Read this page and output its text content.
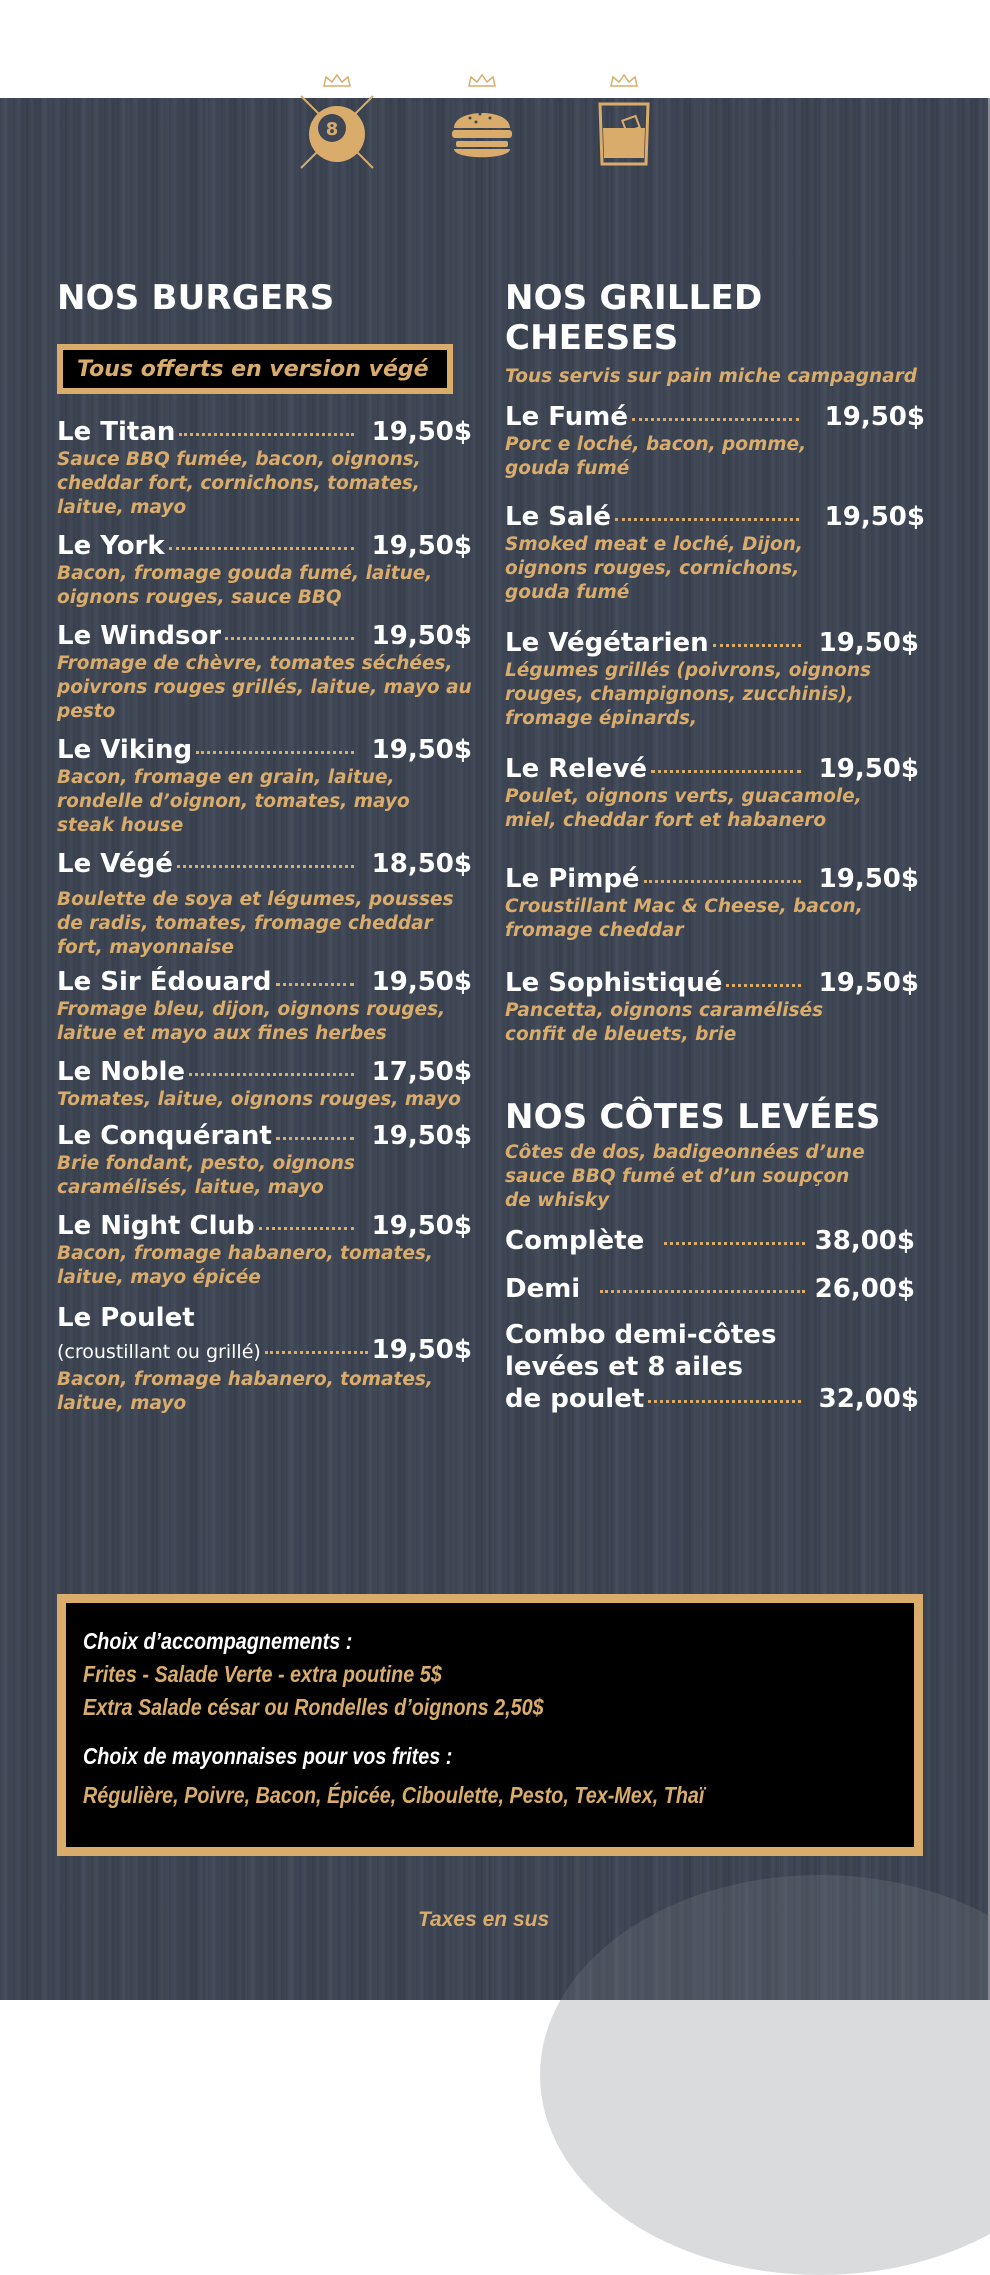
8
NOS BURGERS
Tous offerts en version végé
Le Titan	19,50$
Sauce BBQ fumée, bacon, oignons, cheddar fort, cornichons, tomates, laitue, mayo
Le York	19,50$
Bacon, fromage gouda fumé, laitue, oignons rouges, sauce BBQ
Le Windsor	19,50$
Fromage de chèvre, tomates séchées, poivrons rouges grillés, laitue, mayo au pesto
Le Viking	19,50$
Bacon, fromage en grain, laitue, rondelle d’oignon, tomates, mayo steak house
Le Végé	18,50$
Boulette de soya et légumes, pousses de radis, tomates, fromage cheddar fort, mayonnaise
Le Sir Édouard	19,50$
Fromage bleu, dijon, oignons rouges, laitue et mayo aux fines herbes
Le Noble	17,50$
Tomates, laitue, oignons rouges, mayo
Le Conquérant	19,50$
Brie fondant, pesto, oignons caramélisés, laitue, mayo
Le Night Club	19,50$
Bacon, fromage habanero, tomates, laitue, mayo épicée
Le Poulet
(croustillant ou grillé)	19,50$
Bacon, fromage habanero, tomates, laitue, mayo
NOS GRILLED
CHEESES
Tous servis sur pain miche campagnard
Le Fumé	19,50$
Porc e loché, bacon, pomme, gouda fumé
Le Salé	19,50$
Smoked meat e loché, Dijon, oignons rouges, cornichons, gouda fumé
Le Végétarien	19,50$
Légumes grillés (poivrons, oignons rouges, champignons, zucchinis), fromage épinards,
Le Relevé	19,50$
Poulet, oignons verts, guacamole, miel, cheddar fort et habanero
Le Pimpé	19,50$
Croustillant Mac & Cheese, bacon, fromage cheddar
Le Sophistiqué	19,50$
Pancetta, oignons caramélisés confit de bleuets, brie
NOS CÔTES LEVÉES
Côtes de dos, badigeonnées d’une sauce BBQ fumé et d’un soupçon de whisky
Complète	38,00$
Demi	26,00$
Combo demi-côtes
levées et 8 ailes
de poulet	32,00$
Choix d’accompagnements :
Frites - Salade Verte - extra poutine 5$
Extra Salade césar ou Rondelles d’oignons 2,50$
Choix de mayonnaises pour vos frites :
Régulière, Poivre, Bacon, Épicée, Ciboulette, Pesto, Tex-Mex, Thaï
Taxes en sus
